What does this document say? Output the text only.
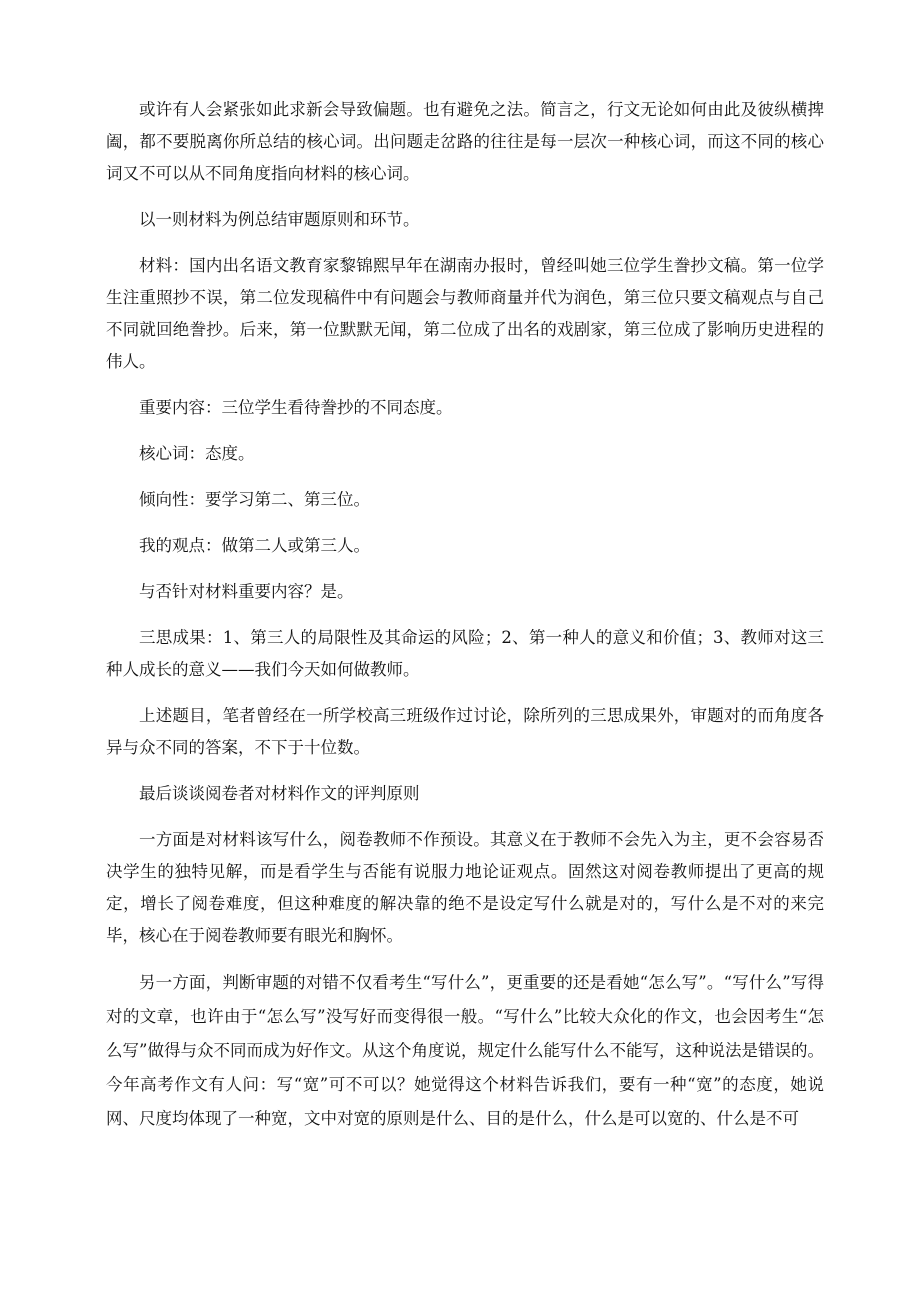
或许有人会紧张如此求新会导致偏题。也有避免之法。简言之，行文无论如何由此及彼纵横捭阖，都不要脱离你所总结的核心词。出问题走岔路的往往是每一层次一种核心词，而这不同的核心词又不可以从不同角度指向材料的核心词。

以一则材料为例总结审题原则和环节。

材料：国内出名语文教育家黎锦熙早年在湖南办报时，曾经叫她三位学生誊抄文稿。第一位学生注重照抄不误，第二位发现稿件中有问题会与教师商量并代为润色，第三位只要文稿观点与自己不同就回绝誊抄。后来，第一位默默无闻，第二位成了出名的戏剧家，第三位成了影响历史进程的伟人。

重要内容：三位学生看待誊抄的不同态度。

核心词：态度。

倾向性：要学习第二、第三位。

我的观点：做第二人或第三人。

与否针对材料重要内容？是。

三思成果：1、第三人的局限性及其命运的风险；2、第一种人的意义和价值；3、教师对这三种人成长的意义——我们今天如何做教师。

上述题目，笔者曾经在一所学校高三班级作过讨论，除所列的三思成果外，审题对的而角度各异与众不同的答案，不下于十位数。

最后谈谈阅卷者对材料作文的评判原则

一方面是对材料该写什么，阅卷教师不作预设。其意义在于教师不会先入为主，更不会容易否决学生的独特见解，而是看学生与否能有说服力地论证观点。固然这对阅卷教师提出了更高的规定，增长了阅卷难度，但这种难度的解决靠的绝不是设定写什么就是对的，写什么是不对的来完毕，核心在于阅卷教师要有眼光和胸怀。

另一方面，判断审题的对错不仅看考生“写什么”，更重要的还是看她“怎么写”。“写什么”写得对的文章，也许由于“怎么写”没写好而变得很一般。“写什么”比较大众化的作文，也会因考生“怎么写”做得与众不同而成为好作文。从这个角度说，规定什么能写什么不能写，这种说法是错误的。今年高考作文有人问：写“宽”可不可以？她觉得这个材料告诉我们，要有一种“宽”的态度，她说网、尺度均体现了一种宽，文中对宽的原则是什么、目的是什么，什么是可以宽的、什么是不可
